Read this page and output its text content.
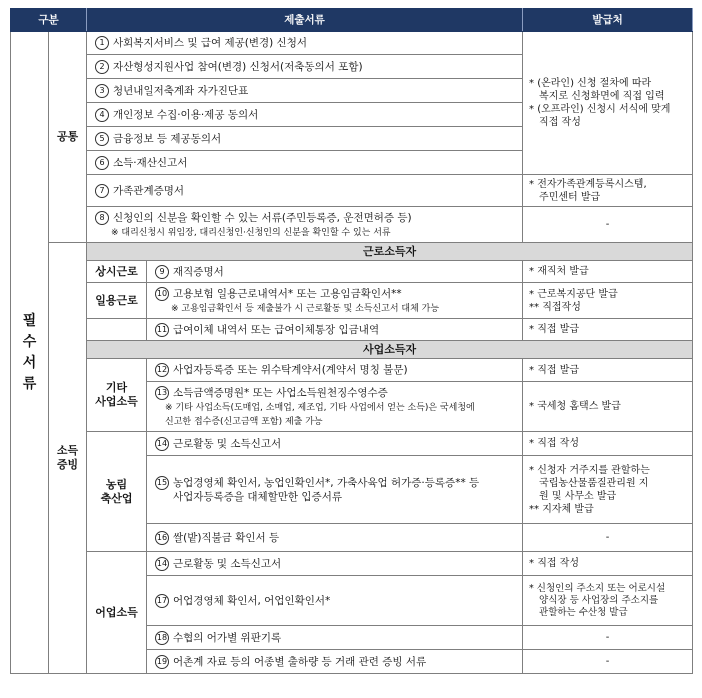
구분		제출서류		발급처
필수서류	공통	1 사회복지서비스 및 급여 제공(변경) 신청서		* (온라인) 신청 절차에 따라
복지로 신청화면에 직접 입력
* (오프라인) 신청시 서식에 맞게
직접 작성

		2 자산형성지원사업 참여(변경) 신청서(저축동의서 포함)		
		3 청년내일저축계좌 자가진단표		
		4 개인정보 수집·이용·제공 동의서		
		5 금융정보 등 제공동의서		
		6 소득·재산신고서		
		7 가족관계증명서		* 전자가족관계등록시스템,
주민센터 발급

		8 신청인의 신분을 확인할 수 있는 서류(주민등록증, 운전면허증 등)
※ 대리신청시 위임장, 대리신청인·신청인의 신분을 확인할 수 있는 서류		-
	소득증빙	근로소득자		
		상시근로	9 재직증명서	* 재직처 발급
		일용근로	10 고용보험 일용근로내역서* 또는 고용임금확인서**
※ 고용임금확인서 등 제출불가 시 근로활동 및 소득신고서 대체 가능	* 근로복지공단 발급
** 직접작성

			11 급여이체 내역서 또는 급여이체통장 입금내역	* 직접 발급
		사업소득자		

		기타
사업소득	12 사업자등록증 또는 위수탁계약서(계약서 명칭 불문)	* 직접 발급

			13 소득금액증명원* 또는 사업소득원천징수영수증
※ 기타 사업소득(도매업, 소매업, 제조업, 기타 사업에서 얻는 소득)은 국세청에
신고한 접수증(신고금액 포함) 제출 가능	* 국세청 홈택스 발급

		농림
축산업	14 근로활동 및 소득신고서	* 직접 작성

			15 농업경영체 확인서, 농업인확인서*, 가축사육업 허가증·등록증** 등
사업자등록증을 대체할만한 입증서류	* 신청자 거주지를 관할하는
국립농산물품질관리원 지
원 및 사무소 발급
** 지자체 발급

			16 쌀(밭)직불금 확인서 등	-
		어업소득	14 근로활동 및 소득신고서	* 직접 작성
			17 어업경영체 확인서, 어업인확인서*	* 신청인의 주소지 또는 어로시설
양식장 등 사업장의 주소지를
관할하는 수산청 발급

			18 수협의 어가별 위판기록	-
			19 어촌계 자료 등의 어종별 출하량 등 거래 관련 증빙 서류	-
